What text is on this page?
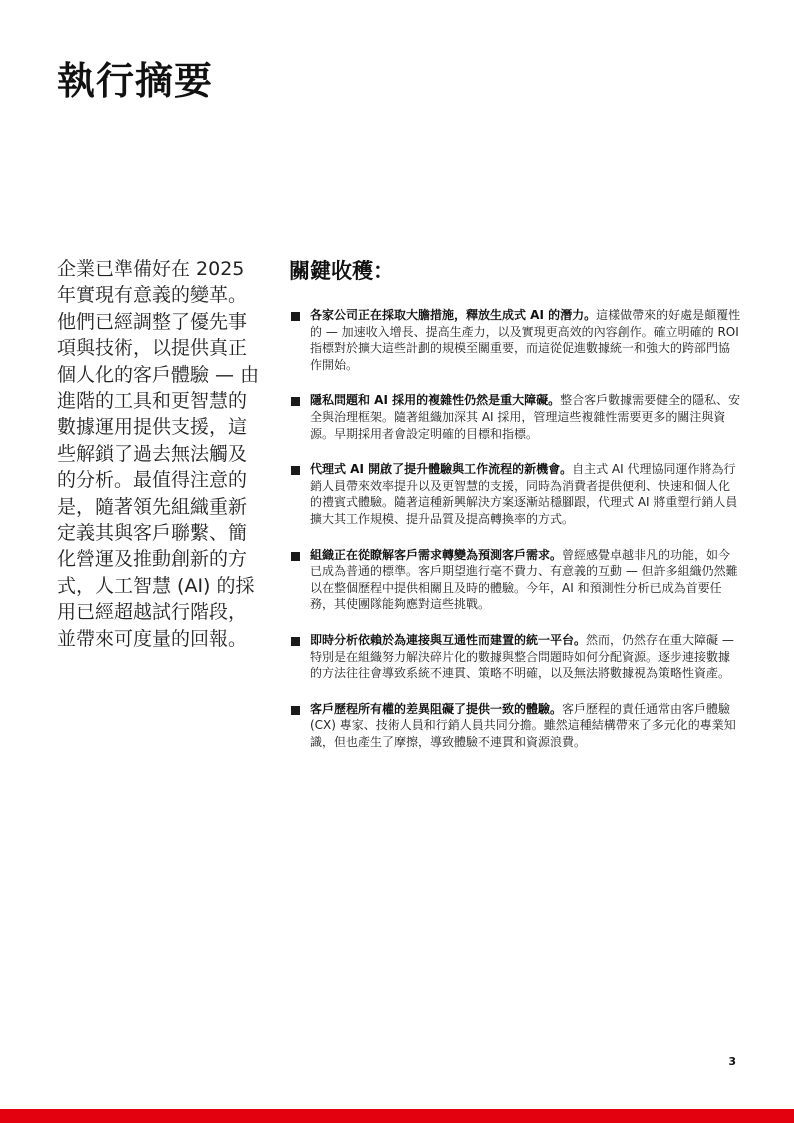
執行摘要
企業已準備好在 2025 年實現有意義的變革。他們已經調整了優先事項與技術，以提供真正個人化的客戶體驗 — 由進階的工具和更智慧的數據運用提供支援，這些解鎖了過去無法觸及的分析。最值得注意的是，隨著領先組織重新定義其與客戶聯繫、簡化營運及推動創新的方式，人工智慧 (AI) 的採用已經超越試行階段，並帶來可度量的回報。
關鍵收穫：
各家公司正在採取大膽措施，釋放生成式 AI 的潛力。這樣做帶來的好處是顛覆性的 — 加速收入增長、提高生產力，以及實現更高效的內容創作。確立明確的 ROI 指標對於擴大這些計劃的規模至關重要，而這從促進數據統一和強大的跨部門協作開始。
隱私問題和 AI 採用的複雜性仍然是重大障礙。整合客戶數據需要健全的隱私、安全與治理框架。隨著組織加深其 AI 採用，管理這些複雜性需要更多的關注與資源。早期採用者會設定明確的目標和指標。
代理式 AI 開啟了提升體驗與工作流程的新機會。自主式 AI 代理協同運作將為行銷人員帶來效率提升以及更智慧的支援，同時為消費者提供便利、快速和個人化的禮賓式體驗。隨著這種新興解決方案逐漸站穩腳跟，代理式 AI 將重塑行銷人員擴大其工作規模、提升品質及提高轉換率的方式。
組織正在從瞭解客戶需求轉變為預測客戶需求。曾經感覺卓越非凡的功能，如今已成為普通的標準。客戶期望進行毫不費力、有意義的互動 — 但許多組織仍然難以在整個歷程中提供相關且及時的體驗。今年，AI 和預測性分析已成為首要任務，其使團隊能夠應對這些挑戰。
即時分析依賴於為連接與互通性而建置的統一平台。然而，仍然存在重大障礙 — 特別是在組織努力解決碎片化的數據與整合問題時如何分配資源。逐步連接數據的方法往往會導致系統不連貫、策略不明確，以及無法將數據視為策略性資產。
客戶歷程所有權的差異阻礙了提供一致的體驗。客戶歷程的責任通常由客戶體驗 (CX) 專家、技術人員和行銷人員共同分擔。雖然這種結構帶來了多元化的專業知識，但也產生了摩擦，導致體驗不連貫和資源浪費。
3
